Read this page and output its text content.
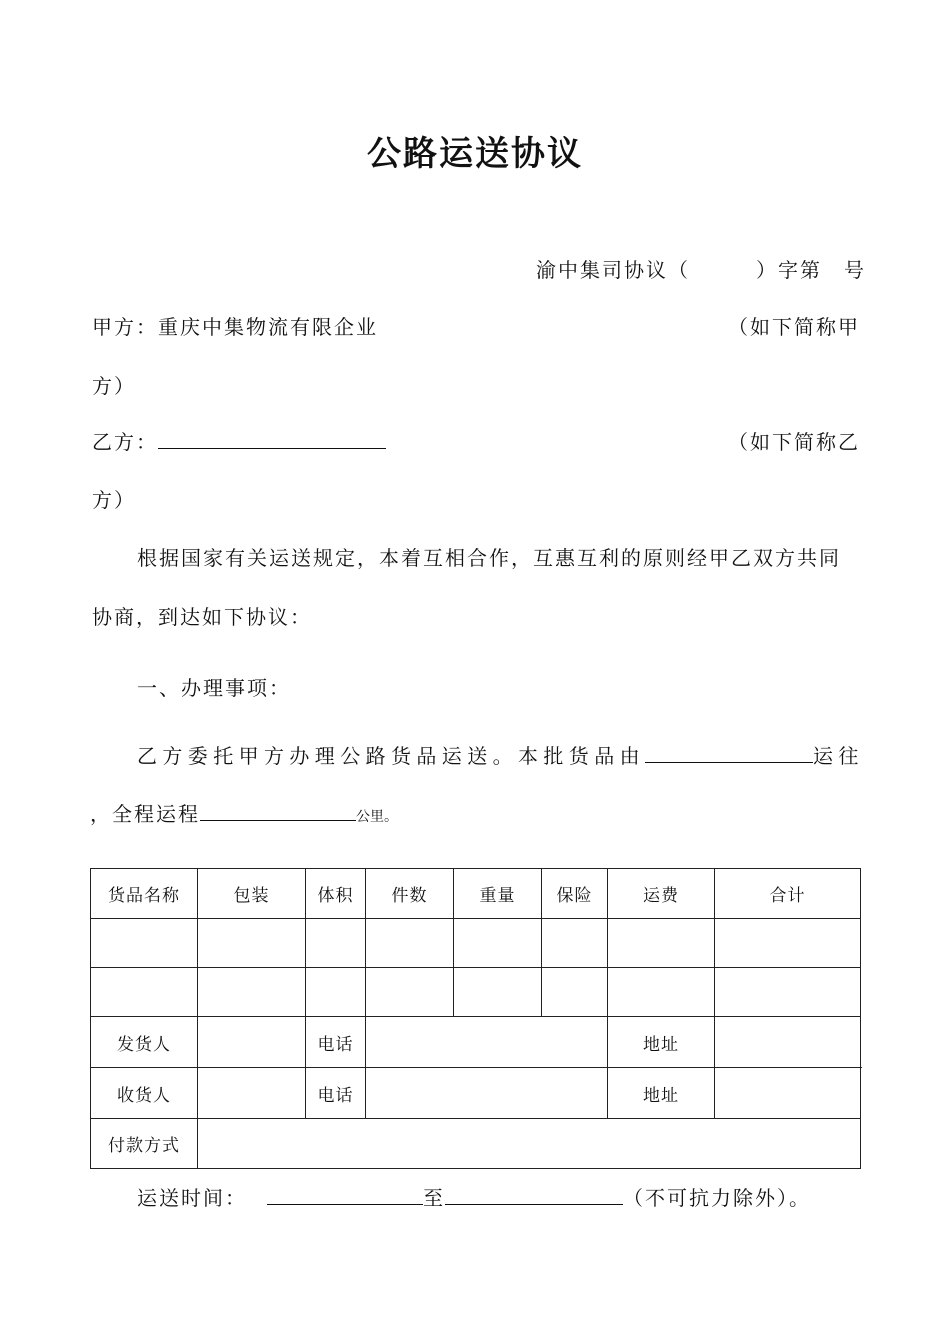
公路运送协议
渝中集司协议（　　　）字第　号
甲方：重庆中集物流有限企业	（如下简称甲
方）
乙方：	（如下简称乙
方）
根据国家有关运送规定，本着互相合作，互惠互利的原则经甲乙双方共同
协商，到达如下协议：
一、办理事项：
乙方委托甲方办理公路货品运送。本批货品由	运往
，全程运程	公里。
货品名称	包装	体积	件数	重量	保险	运费	合计

发货人		电话				地址	
收货人		电话				地址	
付款方式							
运送时间：	至	（不可抗力除外）。
